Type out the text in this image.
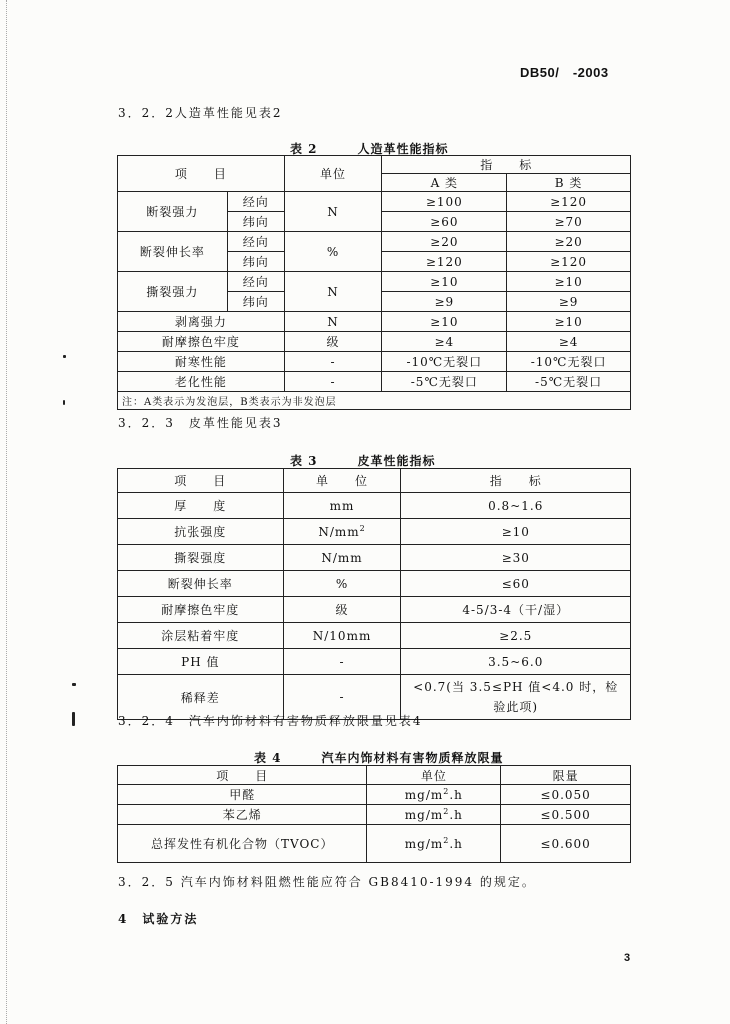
DB50/　-2003
3．2．2人造革性能见表2
表 2	人造革性能指标
项　　目		单位	指　　标	
			A 类	B 类
断裂强力	经向	N	≥100	≥120
	纬向		≥60	≥70
断裂伸长率	经向	%	≥20	≥20
	纬向		≥120	≥120
撕裂强力	经向	N	≥10	≥10
	纬向		≥9	≥9
剥离强力		N	≥10	≥10
耐摩擦色牢度		级	≥4	≥4
耐寒性能		-	-10℃无裂口	-10℃无裂口
老化性能		-	-5℃无裂口	-5℃无裂口
注：A类表示为发泡层，B类表示为非发泡层				
3．2．3　皮革性能见表3
表 3	皮革性能指标
项　　目	单　　位	指　　标
厚　　度	mm	0.8~1.6
抗张强度	$N/mm^2$	≥10
撕裂强度	N/mm	≥30
断裂伸长率	%	≤60
耐摩擦色牢度	级	4-5/3-4（干/湿）
涂层粘着牢度	N/10mm	≥2.5
PH 值	-	3.5~6.0
稀释差	-	<0.7(当 3.5≤PH 值<4.0 时，检验此项)
3．2．4　汽车内饰材料有害物质释放限量见表4
表 4	汽车内饰材料有害物质释放限量
项　　目	单位	限量
甲醛	$mg/m^2.h$	≤0.050
苯乙烯	$mg/m^2.h$	≤0.500
总挥发性有机化合物（TVOC）	$mg/m^2.h$	≤0.600
3．2．5 汽车内饰材料阻燃性能应符合 GB8410-1994 的规定。
4　试验方法
3
